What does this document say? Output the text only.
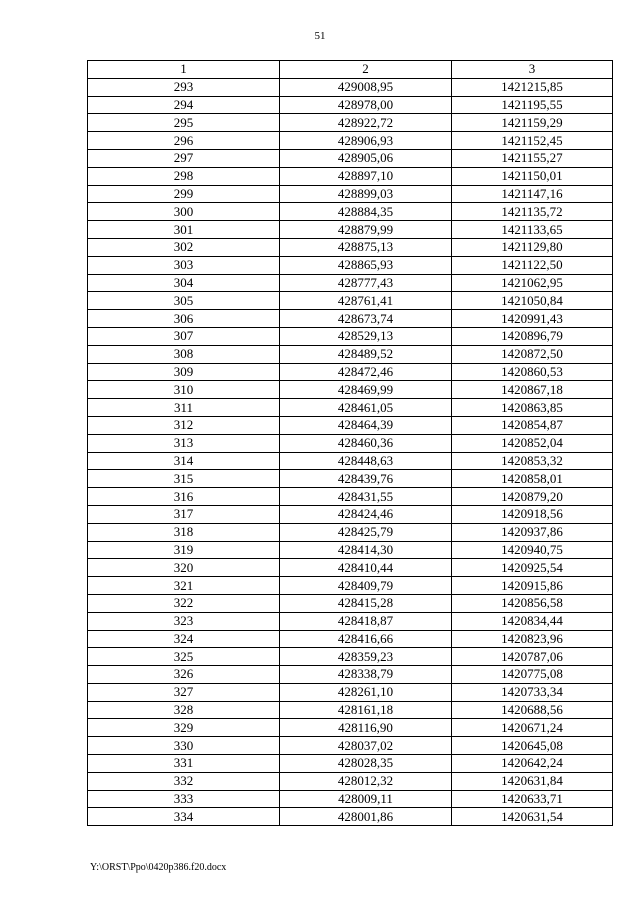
51
1	2	3
293	429008,95	1421215,85
294	428978,00	1421195,55
295	428922,72	1421159,29
296	428906,93	1421152,45
297	428905,06	1421155,27
298	428897,10	1421150,01
299	428899,03	1421147,16
300	428884,35	1421135,72
301	428879,99	1421133,65
302	428875,13	1421129,80
303	428865,93	1421122,50
304	428777,43	1421062,95
305	428761,41	1421050,84
306	428673,74	1420991,43
307	428529,13	1420896,79
308	428489,52	1420872,50
309	428472,46	1420860,53
310	428469,99	1420867,18
311	428461,05	1420863,85
312	428464,39	1420854,87
313	428460,36	1420852,04
314	428448,63	1420853,32
315	428439,76	1420858,01
316	428431,55	1420879,20
317	428424,46	1420918,56
318	428425,79	1420937,86
319	428414,30	1420940,75
320	428410,44	1420925,54
321	428409,79	1420915,86
322	428415,28	1420856,58
323	428418,87	1420834,44
324	428416,66	1420823,96
325	428359,23	1420787,06
326	428338,79	1420775,08
327	428261,10	1420733,34
328	428161,18	1420688,56
329	428116,90	1420671,24
330	428037,02	1420645,08
331	428028,35	1420642,24
332	428012,32	1420631,84
333	428009,11	1420633,71
334	428001,86	1420631,54
Y:\ORST\Ppo\0420p386.f20.docx
